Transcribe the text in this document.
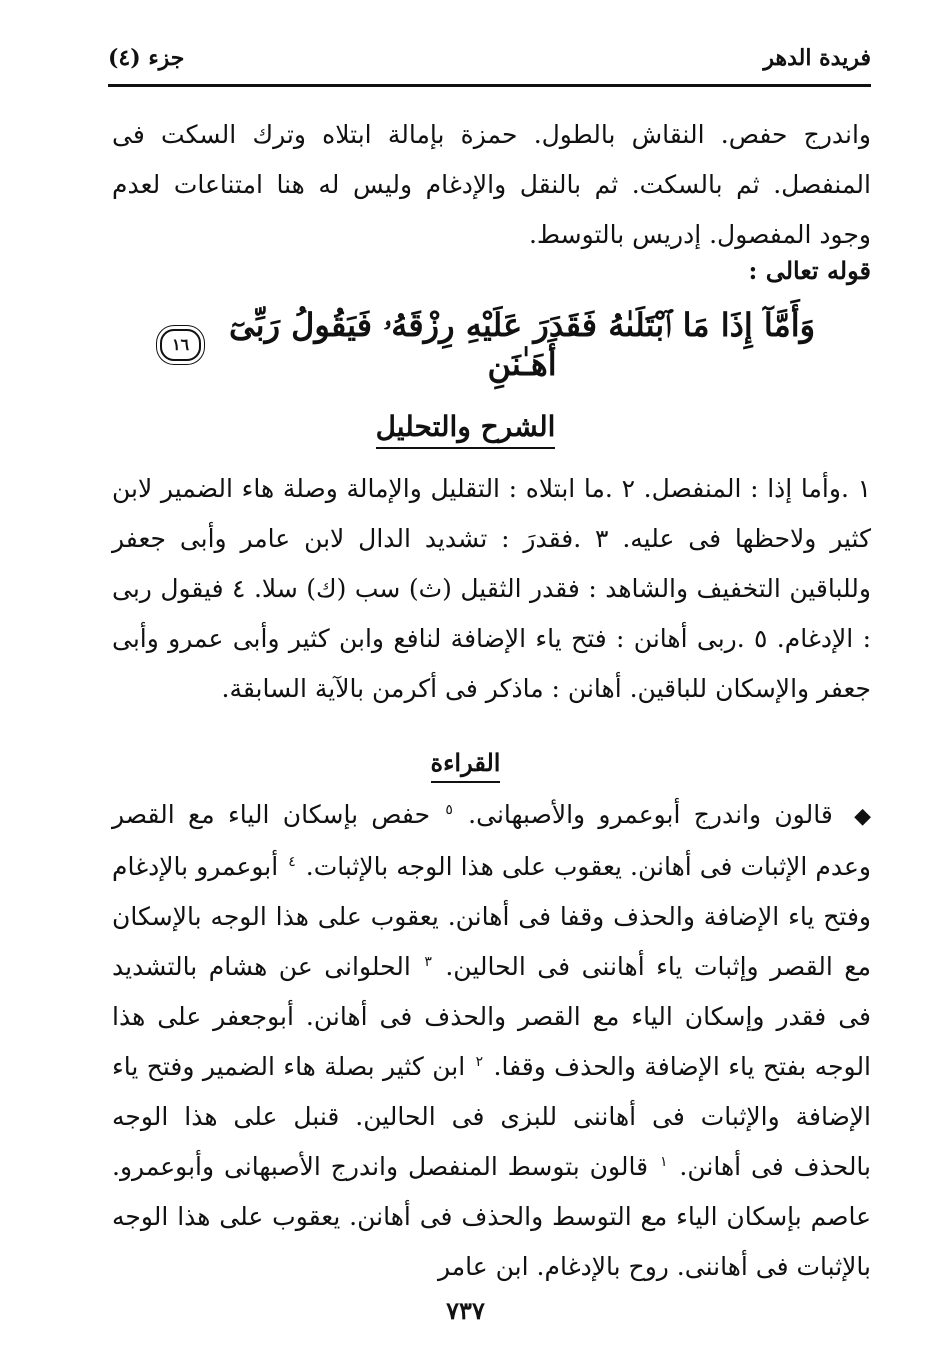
فريدة الدهر
جزء (٤)
واندرج حفص. النقاش بالطول. حمزة بإمالة ابتلاه وترك السكت فى المنفصل. ثم بالسكت. ثم بالنقل والإدغام وليس له هنا امتناعات لعدم وجود المفصول. إدريس بالتوسط.
قوله تعالى :
وَأَمَّآ إِذَا مَا ٱبْتَلَىٰهُ فَقَدَرَ عَلَيْهِ رِزْقَهُۥ فَيَقُولُ رَبِّىٓ أَهَـٰنَنِ
١٦
الشرح والتحليل
١ .وأما إذا : المنفصل. ٢ .ما ابتلاه : التقليل والإمالة وصلة هاء الضمير لابن كثير ولاحظها فى عليه. ٣ .فقدرَ : تشديد الدال لابن عامر وأبى جعفر وللباقين التخفيف والشاهد : فقدر الثقيل (ث) سب (ك) سلا. ٤ فيقول ربى : الإدغام. ٥ .ربى أهانن : فتح ياء الإضافة لنافع وابن كثير وأبى عمرو وأبى جعفر والإسكان للباقين. أهانن : ماذكر فى أكرمن بالآية السابقة.
القراءة
◆ قالون واندرج أبوعمرو والأصبهانى. $^٥$ حفص بإسكان الياء مع القصر وعدم الإثبات فى أهانن. يعقوب على هذا الوجه بالإثبات. $^٤$ أبوعمرو بالإدغام وفتح ياء الإضافة والحذف وقفا فى أهانن. يعقوب على هذا الوجه بالإسكان مع القصر وإثبات ياء أهاننى فى الحالين. $^٣$ الحلوانى عن هشام بالتشديد فى فقدر وإسكان الياء مع القصر والحذف فى أهانن. أبوجعفر على هذا الوجه بفتح ياء الإضافة والحذف وقفا. $^٢$ ابن كثير بصلة هاء الضمير وفتح ياء الإضافة والإثبات فى أهاننى للبزى فى الحالين. قنبل على هذا الوجه بالحذف فى أهانن. $^١$ قالون بتوسط المنفصل واندرج الأصبهانى وأبوعمرو. عاصم بإسكان الياء مع التوسط والحذف فى أهانن. يعقوب على هذا الوجه بالإثبات فى أهاننى. روح بالإدغام. ابن عامر
٧٣٧
